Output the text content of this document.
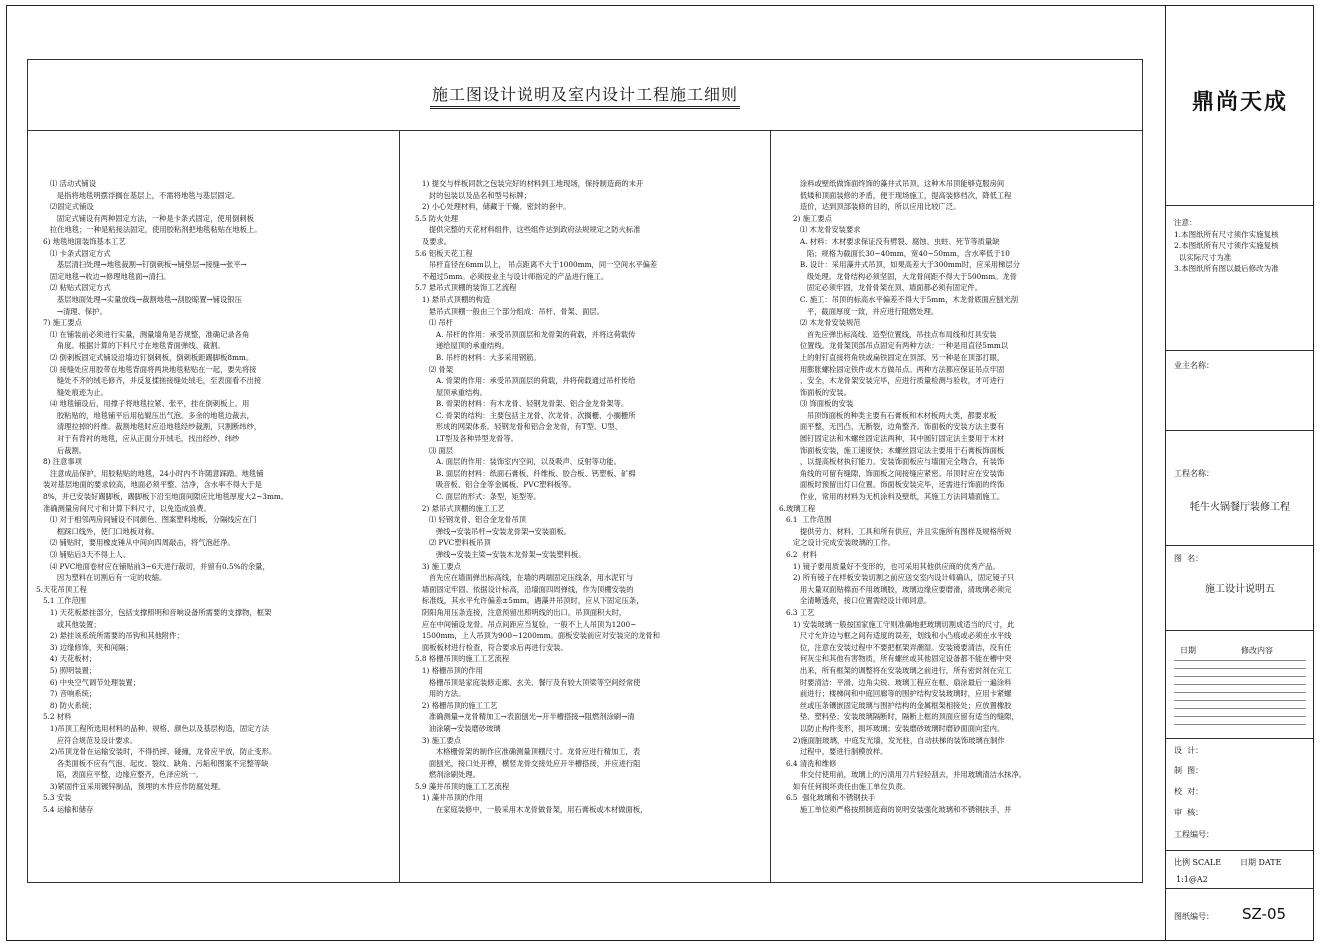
施工图设计说明及室内设计工程施工细则
⑴ 活动式铺设
是指将地毯明摆浮搁在基层上，不需将地毯与基层固定。
⑵固定式铺设
固定式铺设有两种固定方法，一种是卡条式固定，使用倒刺板
拉住地毯；一种是粘接法固定，使用胶粘剂把地毯粘贴在地板上。
6) 地毯地面装饰基本工艺
⑴ 卡条式固定方式
基层清扫处理→地毯裁割→钉倒刺板→铺垫层→接缝→张平→
固定地毯→收边→修理地毯面→清扫。
⑵ 粘贴式固定方式
基层地面处理→实量放线→裁割地毯→刮胶晾置→铺设银压
→清理、保护。
7) 施工要点
⑴ 在铺装前必须进行实量，测量墙角是否规整，准确记录各角
角度。根据计算的下料尺寸在地毯背面弹线、裁割。
⑵ 倒刺板固定式铺设沿墙边钉倒刺板，倒刺板距踢脚板8mm。
⑶ 接缝处应用胶带在地毯背面将两块地毯粘贴在一起，要先将接
缝处不齐的绒毛修齐，并反复揉搓接缝处绒毛，至表面看不出接
缝处痕迹为止。
⑷ 地毯铺设后，用撑子将地毯拉紧、张平，挂在倒刺板上。用
胶粘贴的，地毯铺平后用毡辊压出气泡。多余的地毯边裁去，
清理拉掉的纤维。裁割地毯时应沿地毯经纱裁割，只割断纬纱，
对于有背衬的地毯，应从正面分开绒毛，找出经纱、纬纱
后裁割。
8) 注意事项
注意成品保护，用胶粘贴的地毯，24小时内不许随意踩踏。地毯铺
装对基层地面的要求较高，地面必须平整、洁净，含水率不得大于是
8%，并已安装好踢脚板，踢脚板下沿至地面间隙应比地毯厚度大2~3mm。
准确测量房间尺寸和计算下料尺寸，以免造成浪费。
⑴ 对于相邻两房间铺设不同颜色、图案塑料地板，分隔线应在门
框踩口线外，使门口地板对称。
⑵ 铺贴时，要用橡皮锤从中间向四周敲击，将气泡赶净。
⑶ 铺贴后3天不得上人。
⑷ PVC地面卷材应在铺贴前3~6天进行裁切，并留有0.5%的余量，
因为塑料在切割后有一定的收缩。
5.天花吊顶工程
5.1 工作范围
1) 天花板悬挂部分，包括支撑照明和音响设备所需要的支撑物，框架
或其他装置；
2) 悬挂该系统所需要的吊钩和其他附件；
3) 边缘修饰，夹和间隔；
4) 天花板材；
5) 照明装置；
6) 中央空气调节处理装置；
7) 音响系统；
8) 防火系统；
5.2 材料
1)吊顶工程所选用材料的品种、规格、颜色以及基层构造，固定方法
应符合规范及设计要求。
2)吊顶龙骨在运输安装时，不得扔摔、碰撞，龙骨应平放，防止变形。
各类面板不应有气泡、起皮、裂纹、缺角、污垢和图案不完整等缺
陷，表面应平整，边缘应整齐，色泽应统一。
3)紧固件宜采用镀锌制品，预埋的木件应作防腐处理。
5.3 安装
5.4 运输和储存
1) 提交与样板同款之包装完好的材料到工地现场，保持制造商的未开
封的包装以及品名和型号标牌；
2) 小心处理材料，储藏于干燥、密封的套中。
5.5 防火处理
提供完整的天花材料组件，这些组件达到政府法规规定之防火标准
及要求。
5.6 铝板天花工程
吊杆直径在6mm以上， 吊点距离不大于1000mm，同一空间水平偏差
不超过5mm。必须按业主与设计师指定的产品进行施工。
5.7 悬吊式顶棚的装饰工艺流程
1) 悬吊式顶棚的构造
悬吊式顶棚一般由三个部分组成：吊杆、骨架、面层。
⑴ 吊杆
A. 吊杆的作用：承受吊顶面层和龙骨架的荷载，并将这荷载传
递给屋顶的承重结构。
B. 吊杆的材料：大多采用钢筋。
⑵ 骨架
A. 骨架的作用：承受吊顶面层的荷载，并将荷载通过吊杆传给
屋顶承重结构。
B. 骨架的材料：有木龙骨、轻钢龙骨架、铝合金龙骨架等。
C. 骨架的结构：主要包括主龙骨、次龙骨、次搁栅、小搁栅所
形成的网架体系。轻钢龙骨和铝合金龙骨，有T型、U型、
LT型及各种异型龙骨等。
⑶ 面层
A. 面层的作用：装饰室内空间，以及吸声、反射等功能。
B. 面层的材料：纸面石膏板、纤维板、胶合板、钙塑板、矿棉
吸音板、铝合金等金属板、PVC塑料板等。
C. 面层的形式：条型，矩型等。
2) 悬吊式顶棚的施工工艺
⑴ 轻钢龙骨、铝合金龙骨吊顶
弹线→安装吊杆→安装龙骨架→安装面板。
⑵ PVC塑料板吊顶
弹线→安装主梁→安装木龙骨架→安装塑料板。
3) 施工要点
首先应在墙面弹出标高线，在墙的两端固定压线条，用水泥钉与
墙面固定牢固。依据设计标高，沿墙面四周弹线，作为顶棚安装的
标准线，其水平允许偏差±5mm。遇藻井吊顶时，应从下固定压条，
阴阳角用压条连接，注意预留出照明线的出口。吊顶面积大时，
应在中间铺设龙骨。吊点间距应当复验，一般不上人吊顶为1200~
1500mm，上人吊顶为900~1200mm。面板安装前应对安装完的龙骨和
面板板材进行检查，符合要求后再进行安装。
5.8 格栅吊顶的施工工艺流程
1) 格栅吊顶的作用
格栅吊顶是家庭装修走廊、玄关、餐厅及有较大顶梁等空间经常使
用的方法。
2) 格栅吊顶的施工工艺
准确测量→龙骨精加工→表面刨光→开半槽搭接→阻燃剂涂刷→清
油涂刷→安装磨砂玻璃
3) 施工要点
木格栅骨架的制作应准确测量顶棚尺寸。龙骨应进行精加工，表
面刨光，接口处开榫，横竖龙骨交接处应开半槽搭接，并应进行阻
燃剂涂刷处理。
5.9 藻井吊顶的施工工艺流程
1) 藻井吊顶的作用
在家庭装修中，一般采用木龙骨做骨架，用石膏板或木材做面板，
涂料或壁纸做饰面终饰的藻井式吊顶。这种木吊顶能够克服房间
低矮和顶面装修的矛盾，便于现场施工，提高装修档次，降低工程
造价，达到顶部装修的目的，所以应用比较广泛。
2) 施工要点
⑴ 木龙骨安装要求
A. 材料：木材要求保证没有劈裂、腐蚀、虫蛀、死节等质量缺
陷；规格为截面长30~40mm，宽40~50mm，含水率低于10
B. 设计：采用藻井式吊顶，如果高差大于300mm时，应采用梯层分
级处理。龙骨结构必须坚固，大龙骨间距不得大于500mm。龙骨
固定必须牢固，龙骨骨架在顶、墙面都必须有固定件。
C. 施工：吊顶的标高水平偏差不得大于5mm，木龙骨底面应刨光刮
平，截面厚度一致，并应进行阻燃处理。
⑵ 木龙骨安装规范
首先应弹出标高线、造型位置线，吊挂点布局线和灯具安装
位置线。龙骨架顶部吊点固定有两种方法：一种是用直径5mm以
上的射钉直接将角铁或扁铁固定在顶部，另一种是在顶部打眼，
用膨胀螺栓固定铁件或木方做吊点。两种方法都应保证吊点牢固
、安全，木龙骨架安装完毕，应进行质量检测与验收，才可进行
饰面板的安装。
⑶ 饰面板的安装
吊顶饰面板的种类主要有石膏板和木材板两大类，都要求板
面平整，无凹凸，无断裂，边角整齐。饰面板的安装方法主要有
圆钉固定法和木螺丝固定法两种，其中圆钉固定法主要用于木材
饰面板安装，施工速度快；木螺丝固定法主要用于石膏板饰面板
，以提高板材执钉能力。安装饰面板应与墙面完全吻合，有装饰
角线的可留有缝隙，饰面板之间接缝应紧密。吊顶时应在安装饰
面板时预留出灯口位置。饰面板安装完毕，还需进行饰面的终饰
作业，常用的材料为无机涂料及壁纸，其施工方法同墙面施工。
6.玻璃工程
6.1  工作范围
提供劳力、材料、工具和所有供应，并且实施所有图样及规格所规
定之设计完成安装玻璃的工作。
6.2  材料
1) 镜子要用质量好不变形的，也可采用其他供应商的优秀产品。
2) 所有镜子在样板安装切割之前应送交室内设计师确认，固定镜子只
用大量双面贴棉而不用玻璃胶，玻璃边缘应要磨滑，清玻璃必须完
全清晰透亮，接口位置需经设计师同意。
6.3 工艺
1) 安装玻璃一般按国家施工守则准确地把玻璃切割成适当的尺寸，此
尺寸允许边与框之间有适度的误差，划线和小凸痕或必须在水平线
位，注意在安装过程中不要把框架弄潮湿。安装镜要清洁，没有任
何灰尘和其他有害物质，所有螺丝或其他固定设备都不能在槽中突
出来，所有框架的调整将在安装玻璃之前进行，所有密封剂在完工
时要清洁：平滑、边角尖锐、玻璃工程应在框、扇涂最后一遍涂料
前进行；楼梯间和中庭回廊等的围护结构安装玻璃时，应用卡紧螺
丝或压条镶嵌固定玻璃与围护结构的金属框架相接处；应放置橡胶
垫、塑料垫；安装玻璃隔断时，隔断上框的顶面应留有适当的缝隙，
以防止构件变形，损坏玻璃；安装磨砂玻璃时磨砂面面向室内。
2)施面脏玻璃，中庭发光墙，发光柱，自动扶梯的装饰玻璃在制作
过程中，要进行制模放样。
6.4 清洗和维修
非交付使用前，玻璃上的污渍用刀片轻轻刮去，并用玻璃清洁水抹净。
如有任何损坏责任由施工单位负责。
6.5  强化玻璃和不锈钢扶手
施工单位须严格按照制造商的说明安装强化玻璃和不锈钢扶手，并
鼎尚天成
注意：
1.本图纸所有尺寸须作实施复核
2.本图纸所有尺寸须作实施复核
以实际尺寸为准
3.本图纸所有图以最后修改为准
业主名称：
工程名称：
牦牛火锅餐厅装修工程
图  名：
施工设计说明五
日期	修改内容
设  计：
制  图：
校  对：
审  核：
工程编号：
比例 SCALE 日期 DATE
1:1@A2
图纸编号： SZ-05
